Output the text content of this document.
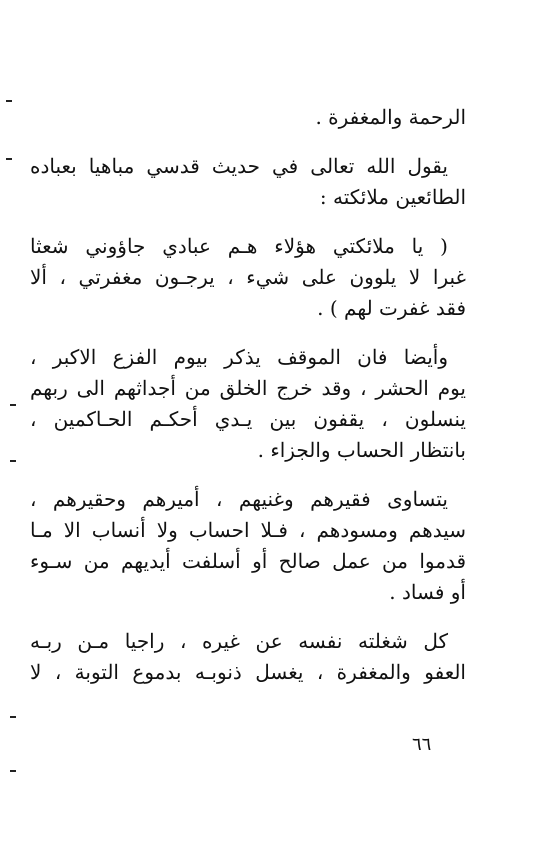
الرحمة والمغفرة .
يقول الله تعالى في حديث قدسي مباهيا بعباده
الطائعين ملائكته :
( يا ملائكتي هؤلاء هـم عبادي جاؤوني شعثا
غبرا لا يلوون على شيء ، يرجـون مغفرتي ، ألا
فقد غفرت لهم ) .
وأيضا فان الموقف يذكر بيوم الفزع الاكبر ،
يوم الحشر ، وقد خرج الخلق من أجداثهم الى ربهم
ينسلون ، يقفون بين يـدي أحكـم الحـاكمين ،
بانتظار الحساب والجزاء .
يتساوى فقيرهم وغنيهم ، أميرهم وحقيرهم ،
سيدهم ومسودهم ، فـلا احساب ولا أنساب الا مـا
قدموا من عمل صالح أو أسلفت أيديهم من سـوء
أو فساد .
كل شغلته نفسه عن غيره ، راجيا مـن ربـه
العفو والمغفرة ، يغسل ذنوبـه بدموع التوبة ، لا
٦٦
